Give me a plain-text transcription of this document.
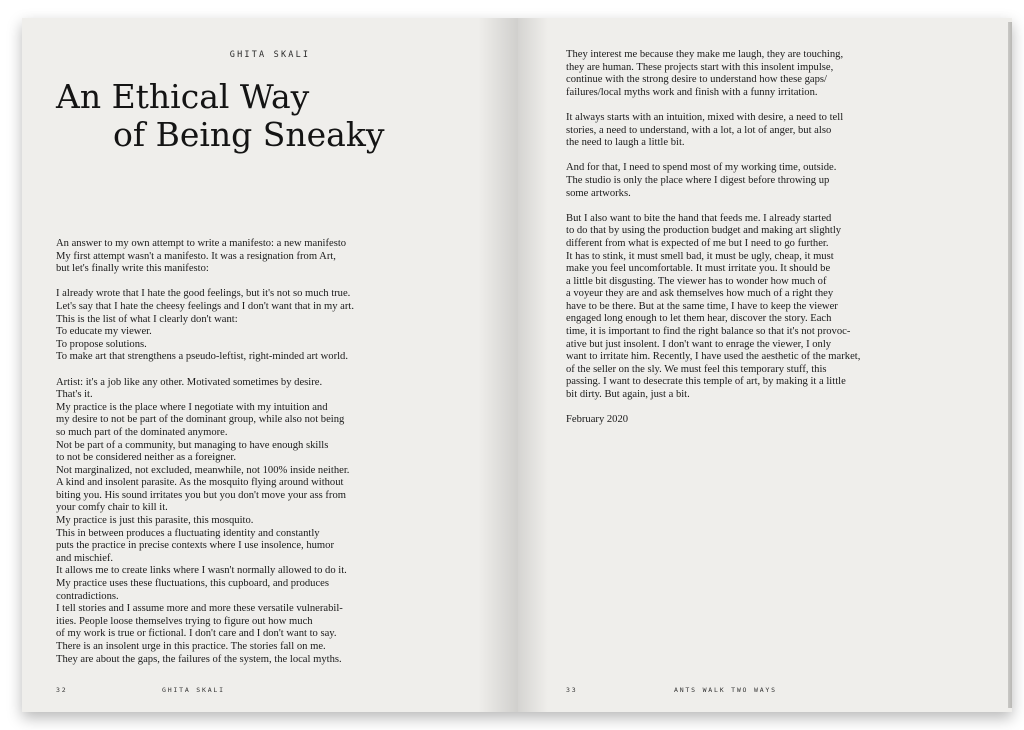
GHITA SKALI
An Ethical Way
of Being Sneaky

An answer to my own attempt to write a manifesto: a new manifesto
My first attempt wasn't a manifesto. It was a resignation from Art,
but let's finally write this manifesto:

I already wrote that I hate the good feelings, but it's not so much true.
Let's say that I hate the cheesy feelings and I don't want that in my art.
This is the list of what I clearly don't want:
To educate my viewer.
To propose solutions.
To make art that strengthens a pseudo-leftist, right-minded art world.

Artist: it's a job like any other. Motivated sometimes by desire.
That's it.
My practice is the place where I negotiate with my intuition and
my desire to not be part of the dominant group, while also not being
so much part of the dominated anymore.
Not be part of a community, but managing to have enough skills
to not be considered neither as a foreigner.
Not marginalized, not excluded, meanwhile, not 100% inside neither.
A kind and insolent parasite. As the mosquito flying around without
biting you. His sound irritates you but you don't move your ass from
your comfy chair to kill it.
My practice is just this parasite, this mosquito.
This in between produces a fluctuating identity and constantly
puts the practice in precise contexts where I use insolence, humor
and mischief.
It allows me to create links where I wasn't normally allowed to do it.
My practice uses these fluctuations, this cupboard, and produces
contradictions.
I tell stories and I assume more and more these versatile vulnerabil-
ities. People loose themselves trying to figure out how much
of my work is true or fictional. I don't care and I don't want to say.
There is an insolent urge in this practice. The stories fall on me.
They are about the gaps, the failures of the system, the local myths.

32	GHITA SKALI

They interest me because they make me laugh, they are touching,
they are human. These projects start with this insolent impulse,
continue with the strong desire to understand how these gaps/
failures/local myths work and finish with a funny irritation.

It always starts with an intuition, mixed with desire, a need to tell
stories, a need to understand, with a lot, a lot of anger, but also
the need to laugh a little bit.

And for that, I need to spend most of my working time, outside.
The studio is only the place where I digest before throwing up
some artworks.

But I also want to bite the hand that feeds me. I already started
to do that by using the production budget and making art slightly
different from what is expected of me but I need to go further.
It has to stink, it must smell bad, it must be ugly, cheap, it must
make you feel uncomfortable. It must irritate you. It should be
a little bit disgusting. The viewer has to wonder how much of
a voyeur they are and ask themselves how much of a right they
have to be there. But at the same time, I have to keep the viewer
engaged long enough to let them hear, discover the story. Each
time, it is important to find the right balance so that it's not provoc-
ative but just insolent. I don't want to enrage the viewer, I only
want to irritate him. Recently, I have used the aesthetic of the market,
of the seller on the sly. We must feel this temporary stuff, this
passing. I want to desecrate this temple of art, by making it a little
bit dirty. But again, just a bit.

February 2020

33	ANTS WALK TWO WAYS
